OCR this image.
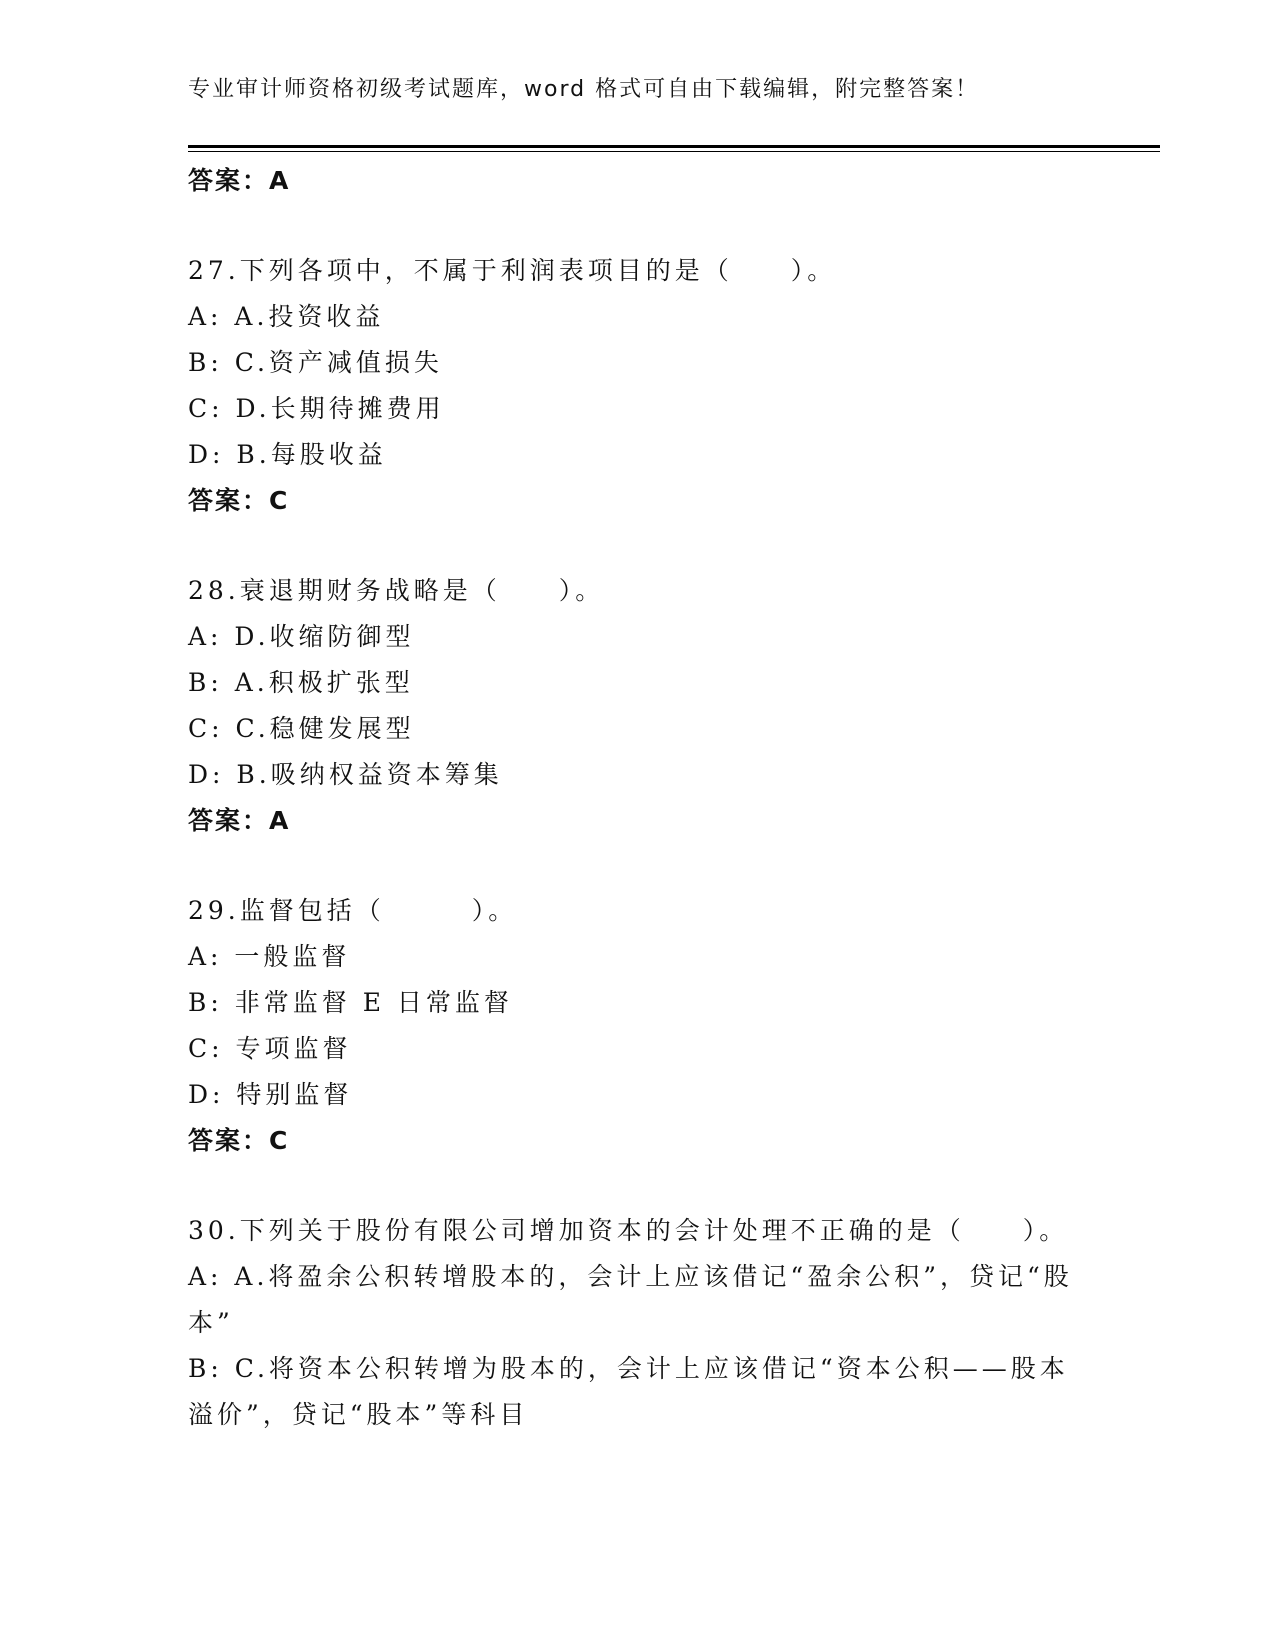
专业审计师资格初级考试题库，word 格式可自由下载编辑，附完整答案！
答案：A
27.下列各项中，不属于利润表项目的是（　　）。
A: A.投资收益
B: C.资产减值损失
C: D.长期待摊费用
D: B.每股收益
答案：C
28.衰退期财务战略是（　　）。
A: D.收缩防御型
B: A.积极扩张型
C: C.稳健发展型
D: B.吸纳权益资本筹集
答案：A
29.监督包括（　　　）。
A: 一般监督
B: 非常监督 E 日常监督
C: 专项监督
D: 特别监督
答案：C
30.下列关于股份有限公司增加资本的会计处理不正确的是（　　）。
A: A.将盈余公积转增股本的，会计上应该借记“盈余公积”，贷记“股本”
B: C.将资本公积转增为股本的，会计上应该借记“资本公积——股本溢价”，贷记“股本”等科目
